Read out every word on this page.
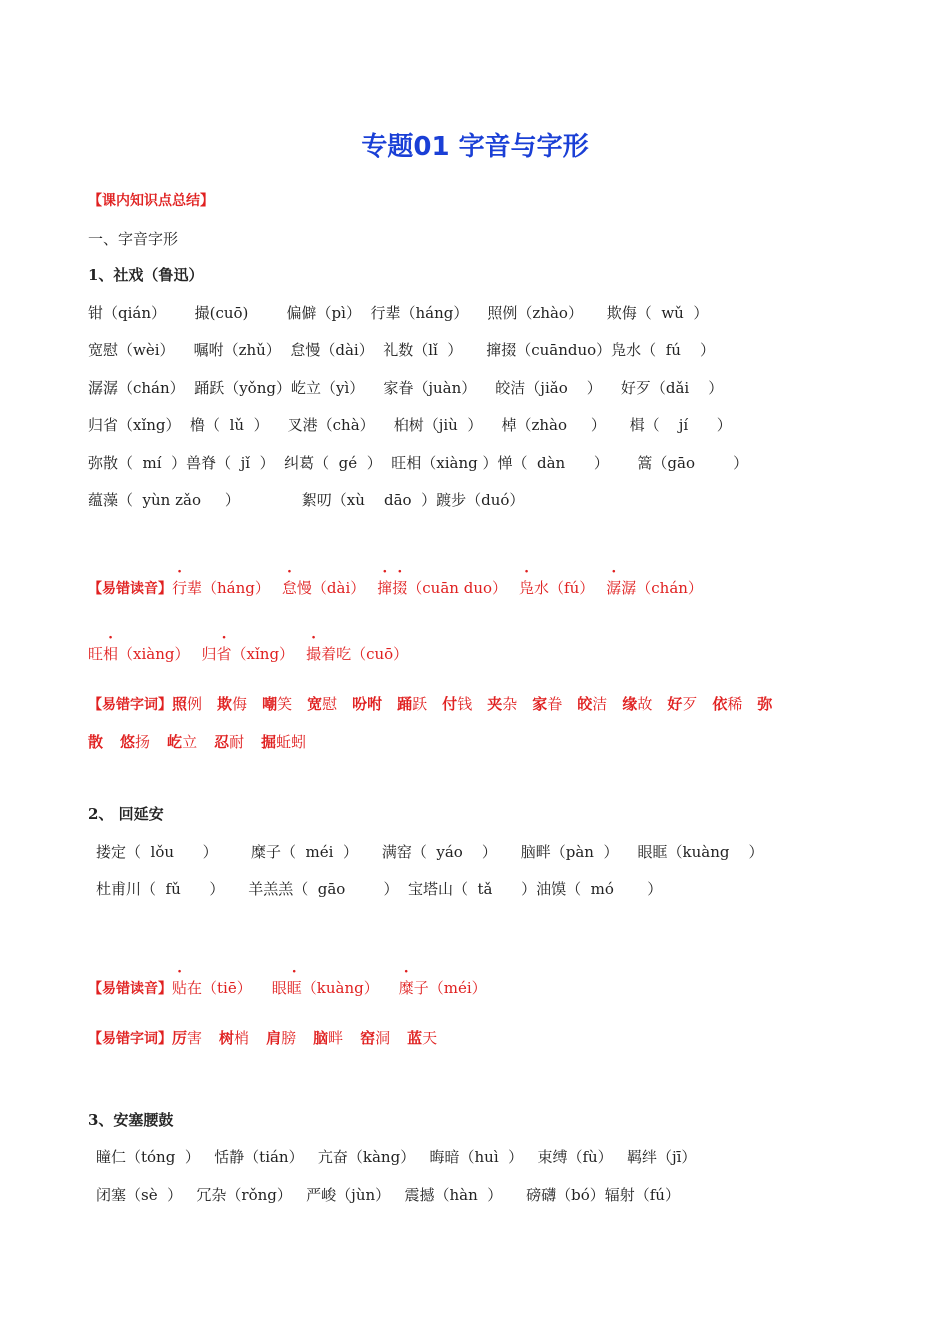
专题01 字音与字形
【课内知识点总结】
一、字音字形
1、社戏（鲁迅）
钳（qián）      撮(cuō)        偏僻（pì）  行辈（háng）    照例（zhào）     欺侮（  wǔ  ）
宽慰（wèi）    嘱咐（zhǔ）  怠慢（dài）  礼数（lǐ  ）     撺掇（cuānduo）凫水（  fú    ）
潺潺（chán）  踊跃（yǒng）屹立（yì）    家眷（juàn）    皎洁（jiǎo    ）    好歹（dǎi    ）
归省（xǐng）  橹（  lǔ  ）    叉港（chà）    桕树（jiù  ）    棹（zhào     ）     楫（    jí      ）
弥散（  mí  ）兽脊（  jǐ  ）  纠葛（  gé  ）  旺相（xiàng ）惮（  dàn      ）      篙（gāo        ）
蕴藻（  yùn zǎo     ）             絮叨（xù    dāo  ）踱步（duó）
【易错读音】行辈（háng） 怠慢（dài） 撺掇（cuān duo） 凫水（fú） 潺潺（chán）
旺相（xiàng） 归省（xǐng） 撮着吃（cuō）
【易错字词】照例 欺侮 嘲笑 宽慰 吩咐 踊跃 付钱 夹杂 家眷 皎洁 缘故 好歹 依稀 弥
散 悠扬 屹立 忍耐 掘蚯蚓
2、 回延安
搂定（  lǒu      ）       糜子（  méi  ）     满窑（  yáo    ）     脑畔（pàn  ）    眼眶（kuàng    ）
杜甫川（  fǔ      ）     羊羔羔（  gāo        ）  宝塔山（  tǎ      ）油馍（  mó       ）
【易错读音】贴在（tiē） 眼眶（kuàng） 糜子（méi）
【易错字词】厉害 树梢 肩膀 脑畔 窑洞 蓝天
3、安塞腰鼓
瞳仁（tóng  ）   恬静（tián）   亢奋（kàng）   晦暗（huì  ）   束缚（fù）   羁绊（jī）
闭塞（sè  ）   冗杂（rǒng）   严峻（jùn）   震撼（hàn  ）     磅礴（bó）辐射（fú）
